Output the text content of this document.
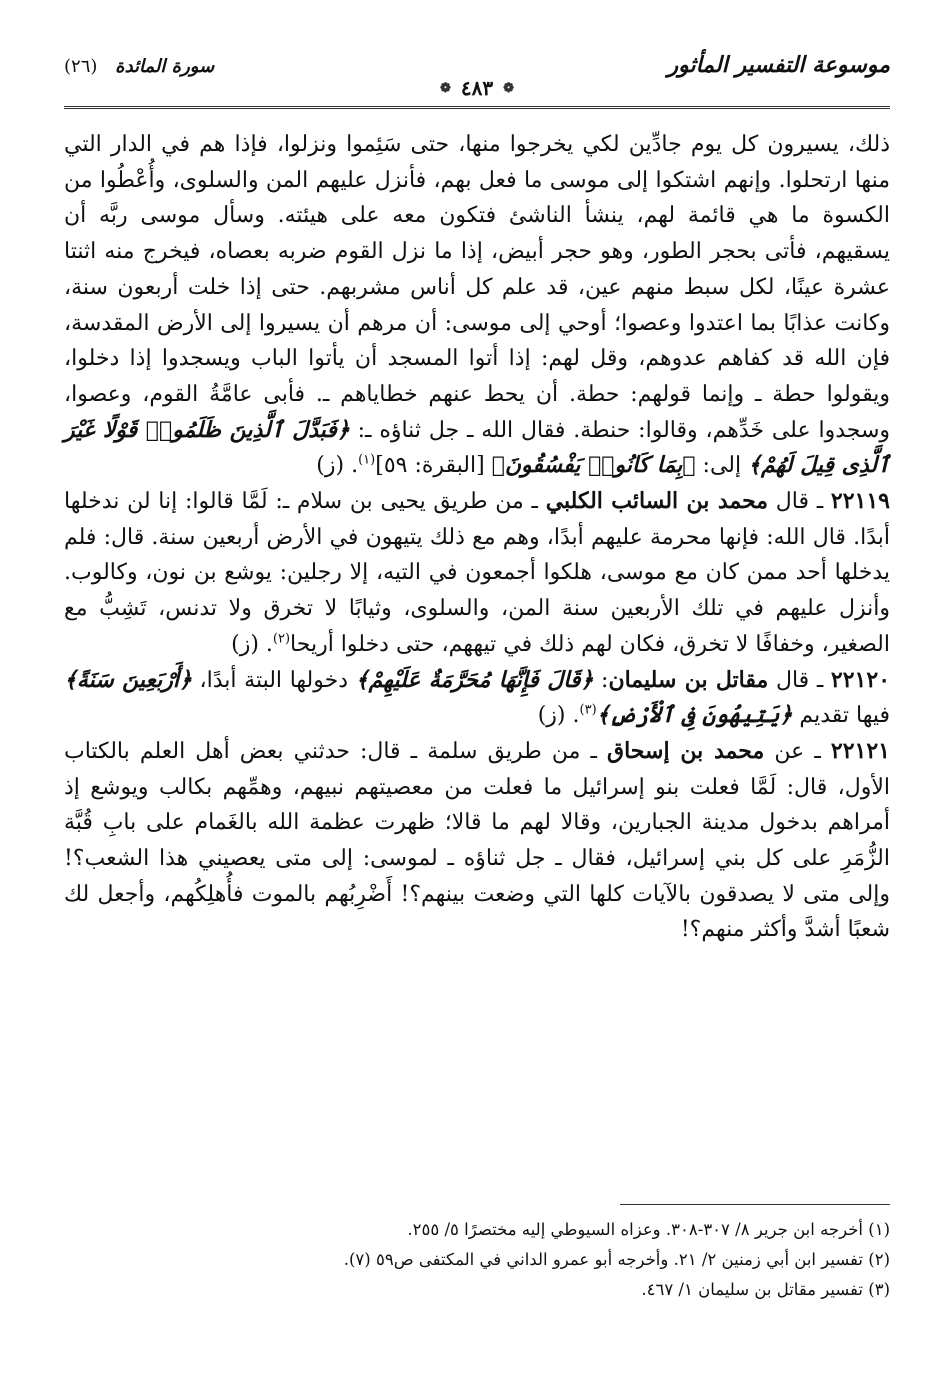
موسوعة التفسير المأثور
❁
٤٨٣
❁
سورة المائدة (٢٦)

ذلك، يسيرون كل يوم جادِّين لكي يخرجوا منها، حتى سَئِموا ونزلوا، فإذا هم في الدار التي منها ارتحلوا. وإنهم اشتكوا إلى موسى ما فعل بهم، فأنزل عليهم المن والسلوى، وأُعْطُوا من الكسوة ما هي قائمة لهم، ينشأ الناشئ فتكون معه على هيئته. وسأل موسى ربَّه أن يسقيهم، فأتى بحجر الطور، وهو حجر أبيض، إذا ما نزل القوم ضربه بعصاه، فيخرج منه اثنتا عشرة عينًا، لكل سبط منهم عين، قد علم كل أناس مشربهم. حتى إذا خلت أربعون سنة، وكانت عذابًا بما اعتدوا وعصوا؛ أوحي إلى موسى: أن مرهم أن يسيروا إلى الأرض المقدسة، فإن الله قد كفاهم عدوهم، وقل لهم: إذا أتوا المسجد أن يأتوا الباب ويسجدوا إذا دخلوا، ويقولوا حطة ـ وإنما قولهم: حطة. أن يحط عنهم خطاياهم ـ. فأبى عامَّةُ القوم، وعصوا، وسجدوا على خَدِّهم، وقالوا: حنطة. فقال الله ـ جل ثناؤه ـ: ﴿فَبَدَّلَ ٱلَّذِينَ ظَلَمُوا۟ قَوْلًا غَيْرَ ٱلَّذِى قِيلَ لَهُمْ﴾ إلى: ﴿بِمَا كَانُوا۟ يَفْسُقُونَ﴾ [البقرة: ٥٩]$^{(١)}$. (ز)

٢٢١١٩ ـ قال محمد بن السائب الكلبي ـ من طريق يحيى بن سلام ـ: لَمَّا قالوا: إنا لن ندخلها أبدًا. قال الله: فإنها محرمة عليهم أبدًا، وهم مع ذلك يتيهون في الأرض أربعين سنة. قال: فلم يدخلها أحد ممن كان مع موسى، هلكوا أجمعون في التيه، إلا رجلين: يوشع بن نون، وكالوب. وأنزل عليهم في تلك الأربعين سنة المن، والسلوى، وثيابًا لا تخرق ولا تدنس، تَشِبُّ مع الصغير، وخفافًا لا تخرق، فكان لهم ذلك في تيههم، حتى دخلوا أريحا$^{(٢)}$. (ز)

٢٢١٢٠ ـ قال مقاتل بن سليمان: ﴿قَالَ فَإِنَّهَا مُحَرَّمَةٌ عَلَيْهِمْ﴾ دخولها البتة أبدًا، ﴿أَرْبَعِينَ سَنَةً﴾ فيها تقديم ﴿يَتِيهُونَ فِى ٱلْأَرْضِ﴾$^{(٣)}$. (ز)

٢٢١٢١ ـ عن محمد بن إسحاق ـ من طريق سلمة ـ قال: حدثني بعض أهل العلم بالكتاب الأول، قال: لَمَّا فعلت بنو إسرائيل ما فعلت من معصيتهم نبيهم، وهمِّهم بكالب ويوشع إذ أمراهم بدخول مدينة الجبارين، وقالا لهم ما قالا؛ ظهرت عظمة الله بالغَمام على بابِ قُبَّة الزُّمَرِ على كل بني إسرائيل، فقال ـ جل ثناؤه ـ لموسى: إلى متى يعصيني هذا الشعب؟! وإلى متى لا يصدقون بالآيات كلها التي وضعت بينهم؟! أَضْرِبُهم بالموت فأُهلِكُهم، وأجعل لك شعبًا أشدَّ وأكثر منهم؟!

(١) أخرجه ابن جرير ٨/ ٣٠٧-٣٠٨. وعزاه السيوطي إليه مختصرًا ٥/ ٢٥٥.

(٢) تفسير ابن أبي زمنين ٢/ ٢١. وأخرجه أبو عمرو الداني في المكتفى ص٥٩ (٧).

(٣) تفسير مقاتل بن سليمان ١/ ٤٦٧.
